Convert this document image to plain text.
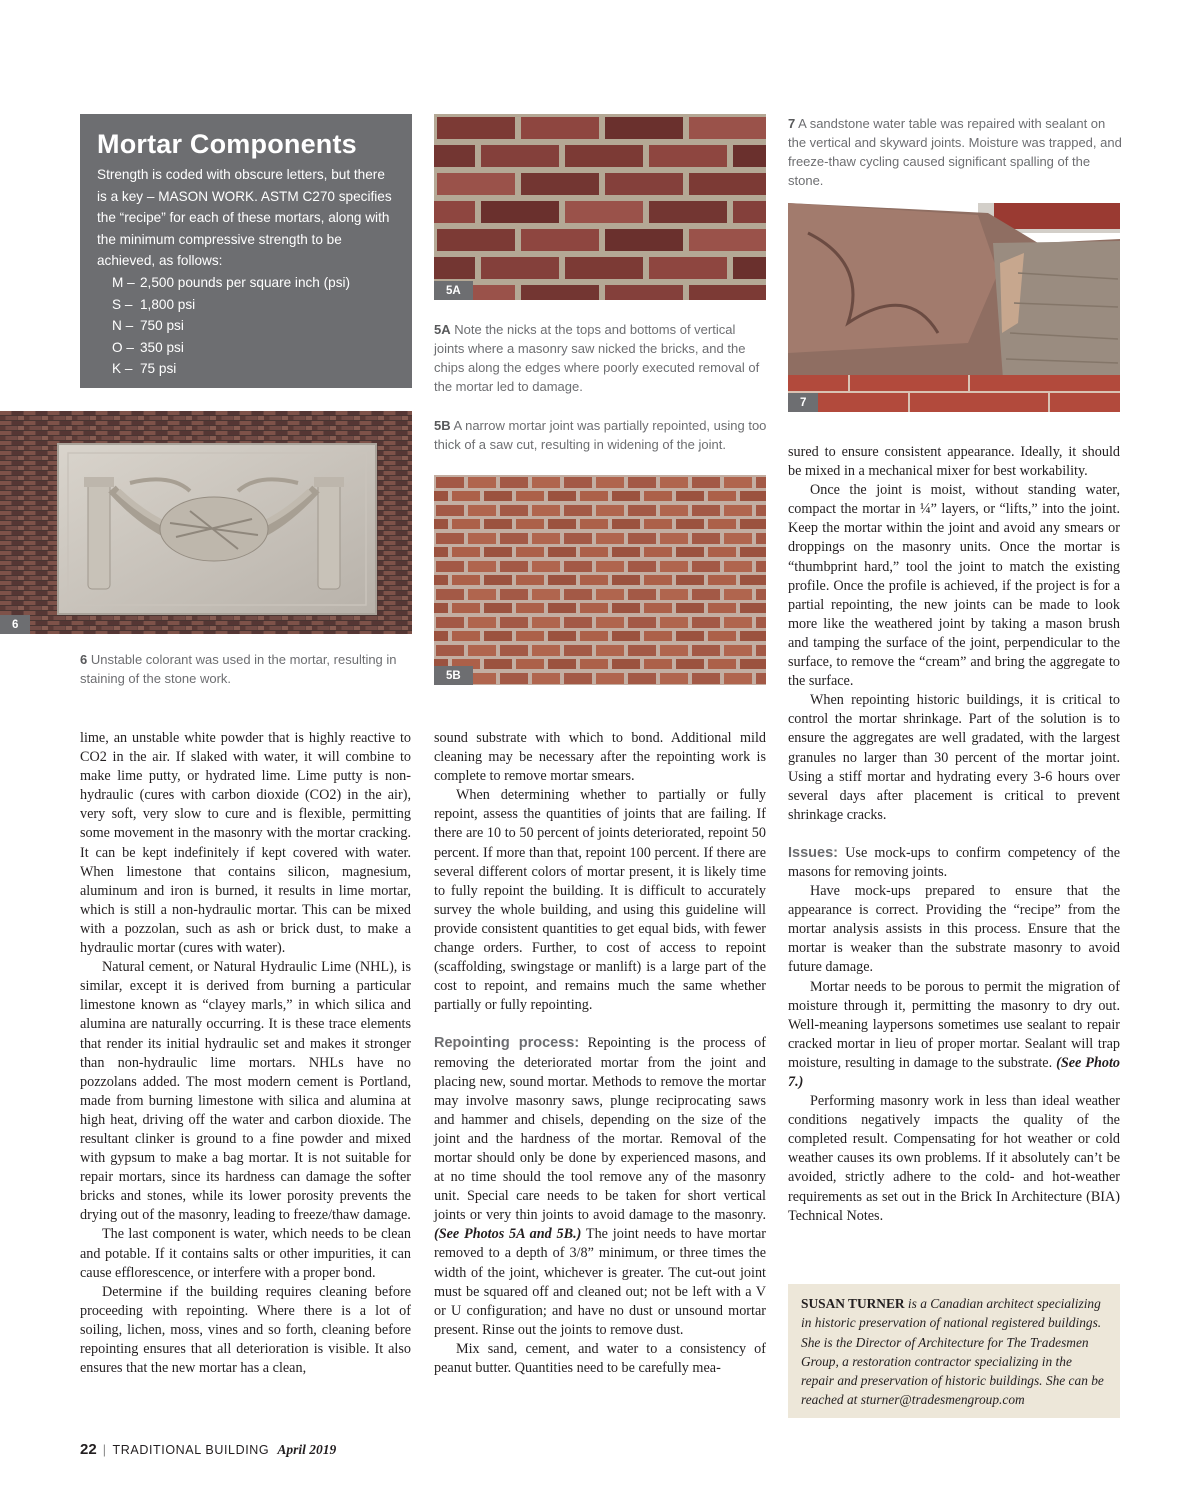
Mortar Components

Strength is coded with obscure letters, but there is a key – MASON WORK. ASTM C270 specifies the “recipe” for each of these mortars, along with the minimum compressive strength to be achieved, as follows:

M – 2,500 pounds per square inch (psi)
S – 1,800 psi
N – 750 psi
O – 350 psi
K – 75 psi
6
6 Unstable colorant was used in the mortar, resulting in staining of the stone work.
5A
5A Note the nicks at the tops and bottoms of vertical joints where a masonry saw nicked the bricks, and the chips along the edges where poorly executed removal of the mortar led to damage.
5B A narrow mortar joint was partially repointed, using too thick of a saw cut, resulting in widening of the joint.
5B
7 A sandstone water table was repaired with sealant on the vertical and skyward joints. Moisture was trapped, and freeze-thaw cycling caused significant spalling of the stone.
7

lime, an unstable white powder that is highly reactive to CO2 in the air. If slaked with water, it will combine to make lime putty, or hydrated lime. Lime putty is non-hydraulic (cures with carbon dioxide (CO2) in the air), very soft, very slow to cure and is flexible, permitting some movement in the masonry with the mortar cracking. It can be kept indefinitely if kept covered with water. When limestone that contains silicon, magnesium, aluminum and iron is burned, it results in lime mortar, which is still a non-hydraulic mortar. This can be mixed with a pozzolan, such as ash or brick dust, to make a hydraulic mortar (cures with water).

Natural cement, or Natural Hydraulic Lime (NHL), is similar, except it is derived from burning a particular limestone known as “clayey marls,” in which silica and alumina are naturally occurring. It is these trace elements that render its initial hydraulic set and makes it stronger than non-hydraulic lime mortars. NHLs have no pozzolans added. The most modern cement is Portland, made from burning limestone with silica and alumina at high heat, driving off the water and carbon dioxide. The resultant clinker is ground to a fine powder and mixed with gypsum to make a bag mortar. It is not suitable for repair mortars, since its hardness can damage the softer bricks and stones, while its lower porosity prevents the drying out of the masonry, leading to freeze/thaw damage.

The last component is water, which needs to be clean and potable. If it contains salts or other impurities, it can cause efflorescence, or interfere with a proper bond.

Determine if the building requires cleaning before proceeding with repointing. Where there is a lot of soiling, lichen, moss, vines and so forth, cleaning before repointing ensures that all deterioration is visible. It also ensures that the new mortar has a clean,

sound substrate with which to bond. Additional mild cleaning may be necessary after the repointing work is complete to remove mortar smears.

When determining whether to partially or fully repoint, assess the quantities of joints that are failing. If there are 10 to 50 percent of joints deteriorated, repoint 50 percent. If more than that, repoint 100 percent. If there are several different colors of mortar present, it is likely time to fully repoint the building. It is difficult to accurately survey the whole building, and using this guideline will provide consistent quantities to get equal bids, with fewer change orders. Further, to cost of access to repoint (scaffolding, swingstage or manlift) is a large part of the cost to repoint, and remains much the same whether partially or fully repointing.

Repointing process: Repointing is the process of removing the deteriorated mortar from the joint and placing new, sound mortar. Methods to remove the mortar may involve masonry saws, plunge reciprocating saws and hammer and chisels, depending on the size of the joint and the hardness of the mortar. Removal of the mortar should only be done by experienced masons, and at no time should the tool remove any of the masonry unit. Special care needs to be taken for short vertical joints or very thin joints to avoid damage to the masonry. (See Photos 5A and 5B.) The joint needs to have mortar removed to a depth of 3/8” minimum, or three times the width of the joint, whichever is greater. The cut-out joint must be squared off and cleaned out; not be left with a V or U configuration; and have no dust or unsound mortar present. Rinse out the joints to remove dust.

Mix sand, cement, and water to a consistency of peanut butter. Quantities need to be carefully mea-

sured to ensure consistent appearance. Ideally, it should be mixed in a mechanical mixer for best workability.

Once the joint is moist, without standing water, compact the mortar in ¼” layers, or “lifts,” into the joint. Keep the mortar within the joint and avoid any smears or droppings on the masonry units. Once the mortar is “thumbprint hard,” tool the joint to match the existing profile. Once the profile is achieved, if the project is for a partial repointing, the new joints can be made to look more like the weathered joint by taking a mason brush and tamping the surface of the joint, perpendicular to the surface, to remove the “cream” and bring the aggregate to the surface.

When repointing historic buildings, it is critical to control the mortar shrinkage. Part of the solution is to ensure the aggregates are well gradated, with the largest granules no larger than 30 percent of the mortar joint. Using a stiff mortar and hydrating every 3-6 hours over several days after placement is critical to prevent shrinkage cracks.

Issues: Use mock-ups to confirm competency of the masons for removing joints.

Have mock-ups prepared to ensure that the appearance is correct. Providing the “recipe” from the mortar analysis assists in this process. Ensure that the mortar is weaker than the substrate masonry to avoid future damage.

Mortar needs to be porous to permit the migration of moisture through it, permitting the masonry to dry out. Well-meaning laypersons sometimes use sealant to repair cracked mortar in lieu of proper mortar. Sealant will trap moisture, resulting in damage to the substrate. (See Photo 7.)

Performing masonry work in less than ideal weather conditions negatively impacts the quality of the completed result. Compensating for hot weather or cold weather causes its own problems. If it absolutely can’t be avoided, strictly adhere to the cold- and hot-weather requirements as set out in the Brick In Architecture (BIA) Technical Notes.

SUSAN TURNER is a Canadian architect specializing in historic preservation of national registered buildings. She is the Director of Architecture for The Tradesmen Group, a restoration contractor specializing in the repair and preservation of historic buildings. She can be reached at sturner@tradesmengroup.com
22 | TRADITIONAL BUILDING April 2019
